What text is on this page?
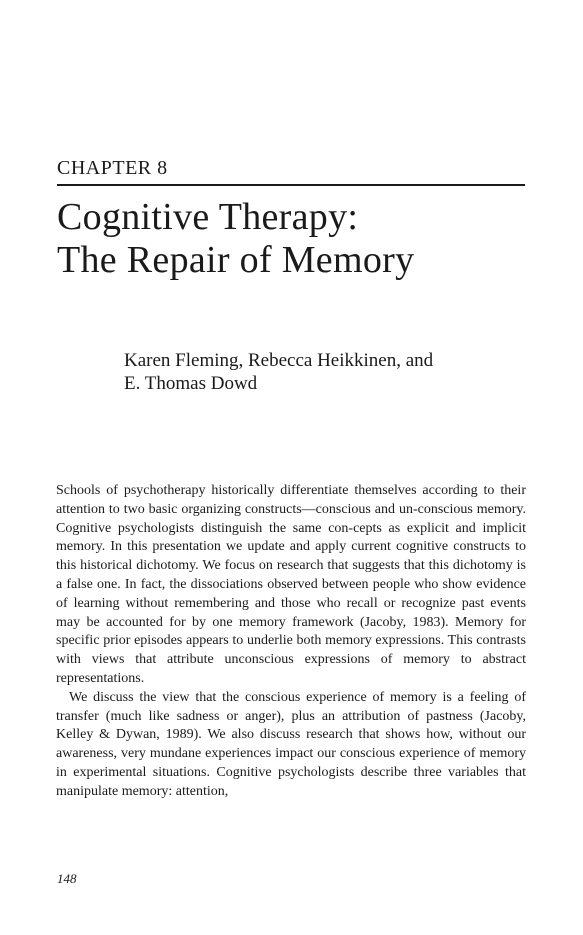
CHAPTER 8
Cognitive Therapy:
The Repair of Memory
Karen Fleming, Rebecca Heikkinen, and
E. Thomas Dowd

Schools of psychotherapy historically differentiate themselves according to their attention to two basic organizing constructs—conscious and un-conscious memory. Cognitive psychologists distinguish the same con-cepts as explicit and implicit memory. In this presentation we update and apply current cognitive constructs to this historical dichotomy. We focus on research that suggests that this dichotomy is a false one. In fact, the dissociations observed between people who show evidence of learning without remembering and those who recall or recognize past events may be accounted for by one memory framework (Jacoby, 1983). Memory for specific prior episodes appears to underlie both memory expressions. This contrasts with views that attribute unconscious expressions of memory to abstract representations.

We discuss the view that the conscious experience of memory is a feeling of transfer (much like sadness or anger), plus an attribution of pastness (Jacoby, Kelley & Dywan, 1989). We also discuss research that shows how, without our awareness, very mundane experiences impact our conscious experience of memory in experimental situations. Cognitive psychologists describe three variables that manipulate memory: attention,

148
